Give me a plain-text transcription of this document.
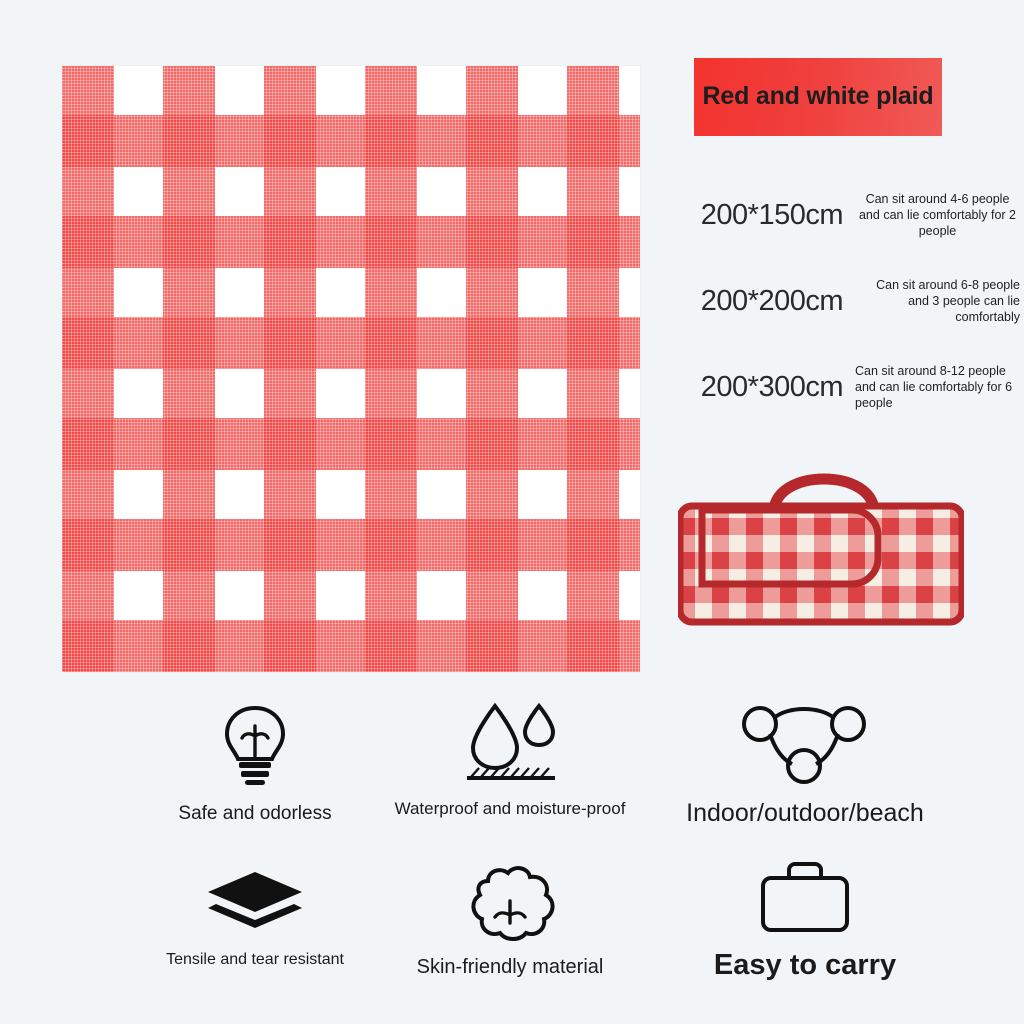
Red and white plaid
200*150cm	Can sit around 4-6 people and can lie comfortably for 2 people
200*200cm	Can sit around 6-8 people and 3 people can lie comfortably
200*300cm Can sit around 8-12 people and can lie comfortably for 6 people
Safe and odorless	Waterproof and moisture-proof	Indoor/outdoor/beach
Tensile and tear resistant	Skin-friendly material	Easy to carry
